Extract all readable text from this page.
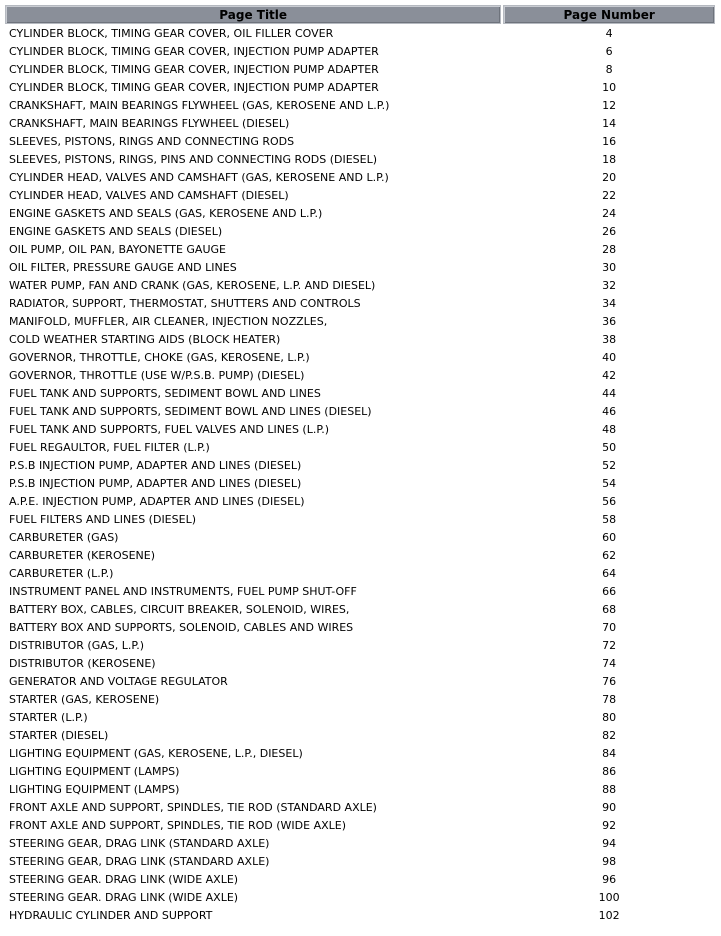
Page Title	Page Number
CYLINDER BLOCK, TIMING GEAR COVER, OIL FILLER COVER	4
CYLINDER BLOCK, TIMING GEAR COVER, INJECTION PUMP ADAPTER	6
CYLINDER BLOCK, TIMING GEAR COVER, INJECTION PUMP ADAPTER	8
CYLINDER BLOCK, TIMING GEAR COVER, INJECTION PUMP ADAPTER	10
CRANKSHAFT, MAIN BEARINGS FLYWHEEL (GAS, KEROSENE AND L.P.)	12
CRANKSHAFT, MAIN BEARINGS FLYWHEEL (DIESEL)	14
SLEEVES, PISTONS, RINGS AND CONNECTING RODS	16
SLEEVES, PISTONS, RINGS, PINS AND CONNECTING RODS (DIESEL)	18
CYLINDER HEAD, VALVES AND CAMSHAFT (GAS, KEROSENE AND L.P.)	20
CYLINDER HEAD, VALVES AND CAMSHAFT (DIESEL)	22
ENGINE GASKETS AND SEALS (GAS, KEROSENE AND L.P.)	24
ENGINE GASKETS AND SEALS (DIESEL)	26
OIL PUMP, OIL PAN, BAYONETTE GAUGE	28
OIL FILTER, PRESSURE GAUGE AND LINES	30
WATER PUMP, FAN AND CRANK (GAS, KEROSENE, L.P. AND DIESEL)	32
RADIATOR, SUPPORT, THERMOSTAT, SHUTTERS AND CONTROLS	34
MANIFOLD, MUFFLER, AIR CLEANER, INJECTION NOZZLES,	36
COLD WEATHER STARTING AIDS (BLOCK HEATER)	38
GOVERNOR, THROTTLE, CHOKE (GAS, KEROSENE, L.P.)	40
GOVERNOR, THROTTLE (USE W/P.S.B. PUMP) (DIESEL)	42
FUEL TANK AND SUPPORTS, SEDIMENT BOWL AND LINES	44
FUEL TANK AND SUPPORTS, SEDIMENT BOWL AND LINES (DIESEL)	46
FUEL TANK AND SUPPORTS, FUEL VALVES AND LINES (L.P.)	48
FUEL REGAULTOR, FUEL FILTER (L.P.)	50
P.S.B INJECTION PUMP, ADAPTER AND LINES (DIESEL)	52
P.S.B INJECTION PUMP, ADAPTER AND LINES (DIESEL)	54
A.P.E. INJECTION PUMP, ADAPTER AND LINES (DIESEL)	56
FUEL FILTERS AND LINES (DIESEL)	58
CARBURETER (GAS)	60
CARBURETER (KEROSENE)	62
CARBURETER (L.P.)	64
INSTRUMENT PANEL AND INSTRUMENTS, FUEL PUMP SHUT-OFF	66
BATTERY BOX, CABLES, CIRCUIT BREAKER, SOLENOID, WIRES,	68
BATTERY BOX AND SUPPORTS, SOLENOID, CABLES AND WIRES	70
DISTRIBUTOR (GAS, L.P.)	72
DISTRIBUTOR (KEROSENE)	74
GENERATOR AND VOLTAGE REGULATOR	76
STARTER (GAS, KEROSENE)	78
STARTER (L.P.)	80
STARTER (DIESEL)	82
LIGHTING EQUIPMENT (GAS, KEROSENE, L.P., DIESEL)	84
LIGHTING EQUIPMENT (LAMPS)	86
LIGHTING EQUIPMENT (LAMPS)	88
FRONT AXLE AND SUPPORT, SPINDLES, TIE ROD (STANDARD AXLE)	90
FRONT AXLE AND SUPPORT, SPINDLES, TIE ROD (WIDE AXLE)	92
STEERING GEAR, DRAG LINK (STANDARD AXLE)	94
STEERING GEAR, DRAG LINK (STANDARD AXLE)	98
STEERING GEAR. DRAG LINK (WIDE AXLE)	96
STEERING GEAR. DRAG LINK (WIDE AXLE)	100
HYDRAULIC CYLINDER AND SUPPORT	102
